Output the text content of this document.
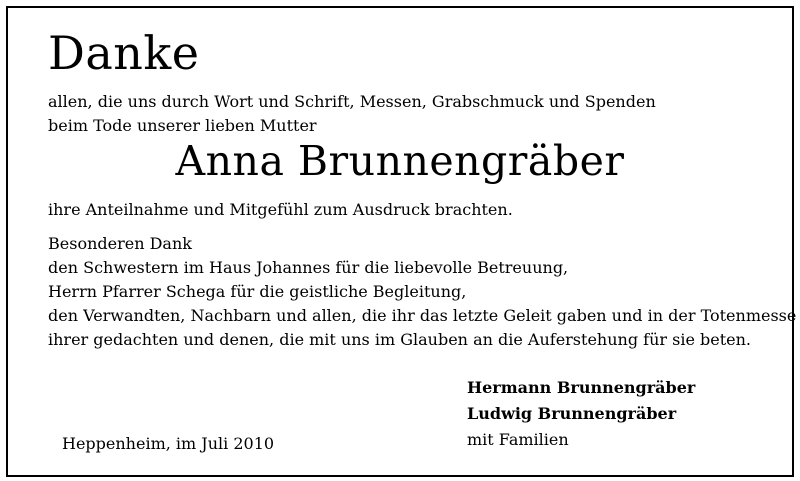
Danke

allen, die uns durch Wort und Schrift, Messen, Grabschmuck und Spenden
beim Tode unserer lieben Mutter

Anna Brunnengräber

ihre Anteilnahme und Mitgefühl zum Ausdruck brachten.

Besonderen Dank
den Schwestern im Haus Johannes für die liebevolle Betreuung,
Herrn Pfarrer Schega für die geistliche Begleitung,
den Verwandten, Nachbarn und allen, die ihr das letzte Geleit gaben und in der Totenmesse
ihrer gedachten und denen, die mit uns im Glauben an die Auferstehung für sie beten.

Hermann Brunnengräber
Ludwig Brunnengräber
mit Familien

Heppenheim, im Juli 2010
